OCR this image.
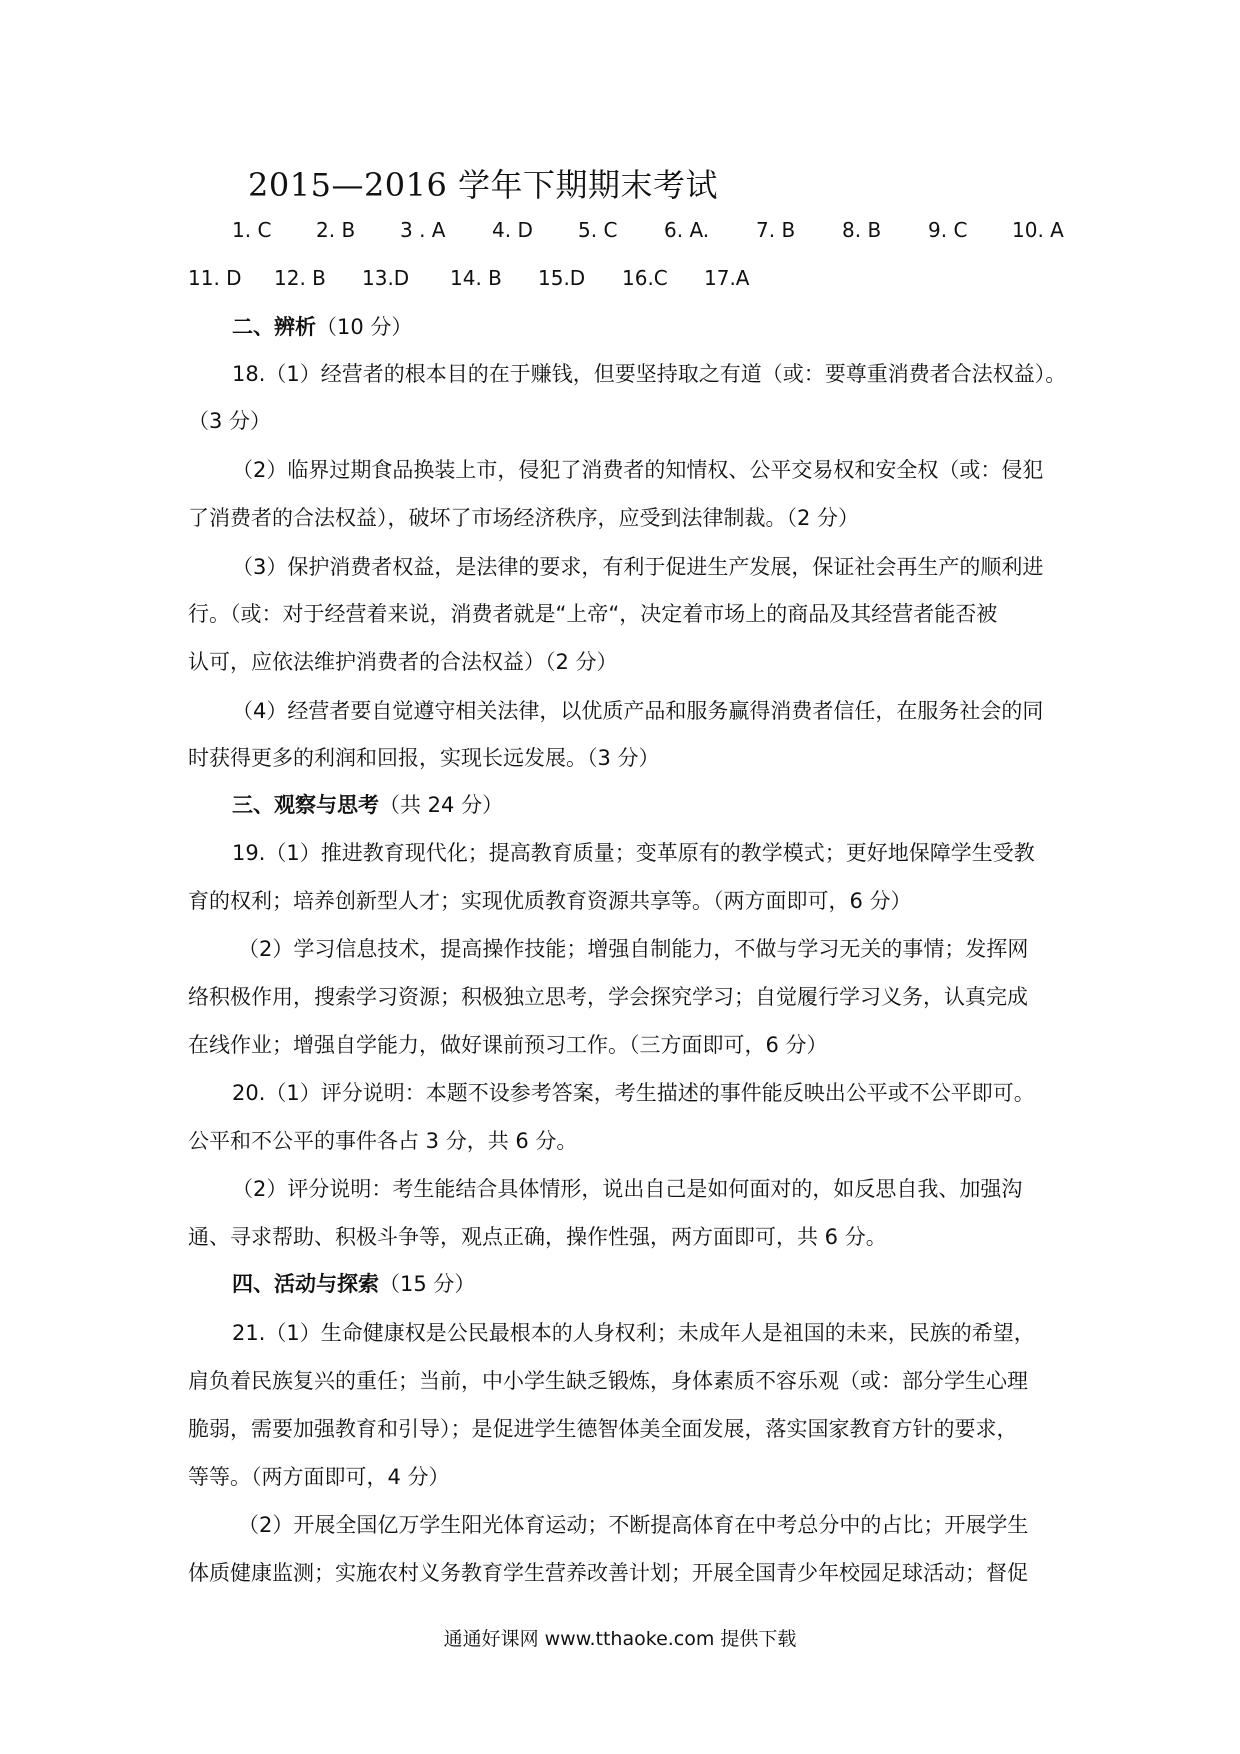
2015—2016 学年下期期末考试
1. C 2. B 3 . A 4. D 5. C 6. A. 7. B 8. B 9. C 10. A
11. D 12. B 13.D 14. B 15.D 16.C 17.A
二、辨析（10 分）
18.（1）经营者的根本目的在于赚钱，但要坚持取之有道（或：要尊重消费者合法权益）。
（3 分）
（2）临界过期食品换装上市，侵犯了消费者的知情权、公平交易权和安全权（或：侵犯
了消费者的合法权益），破坏了市场经济秩序，应受到法律制裁。（2 分）
（3）保护消费者权益，是法律的要求，有利于促进生产发展，保证社会再生产的顺利进
行。（或：对于经营着来说，消费者就是“上帝“，决定着市场上的商品及其经营者能否被
认可，应依法维护消费者的合法权益）（2 分）
（4）经营者要自觉遵守相关法律，以优质产品和服务赢得消费者信任，在服务社会的同
时获得更多的利润和回报，实现长远发展。（3 分）
三、观察与思考（共 24 分）
19.（1）推进教育现代化；提高教育质量；变革原有的教学模式；更好地保障学生受教
育的权利；培养创新型人才；实现优质教育资源共享等。（两方面即可，6 分）
（2）学习信息技术，提高操作技能；增强自制能力，不做与学习无关的事情；发挥网
络积极作用，搜索学习资源；积极独立思考，学会探究学习；自觉履行学习义务，认真完成
在线作业；增强自学能力，做好课前预习工作。（三方面即可，6 分）
20.（1）评分说明：本题不设参考答案，考生描述的事件能反映出公平或不公平即可。
公平和不公平的事件各占 3 分，共 6 分。
（2）评分说明：考生能结合具体情形，说出自己是如何面对的，如反思自我、加强沟
通、寻求帮助、积极斗争等，观点正确，操作性强，两方面即可，共 6 分。
四、活动与探索（15 分）
21.（1）生命健康权是公民最根本的人身权利；未成年人是祖国的未来，民族的希望，
肩负着民族复兴的重任；当前，中小学生缺乏锻炼，身体素质不容乐观（或：部分学生心理
脆弱，需要加强教育和引导）；是促进学生德智体美全面发展，落实国家教育方针的要求，
等等。（两方面即可，4 分）
（2）开展全国亿万学生阳光体育运动；不断提高体育在中考总分中的占比；开展学生
体质健康监测；实施农村义务教育学生营养改善计划；开展全国青少年校园足球活动；督促
通通好课网 www.tthaoke.com 提供下载
